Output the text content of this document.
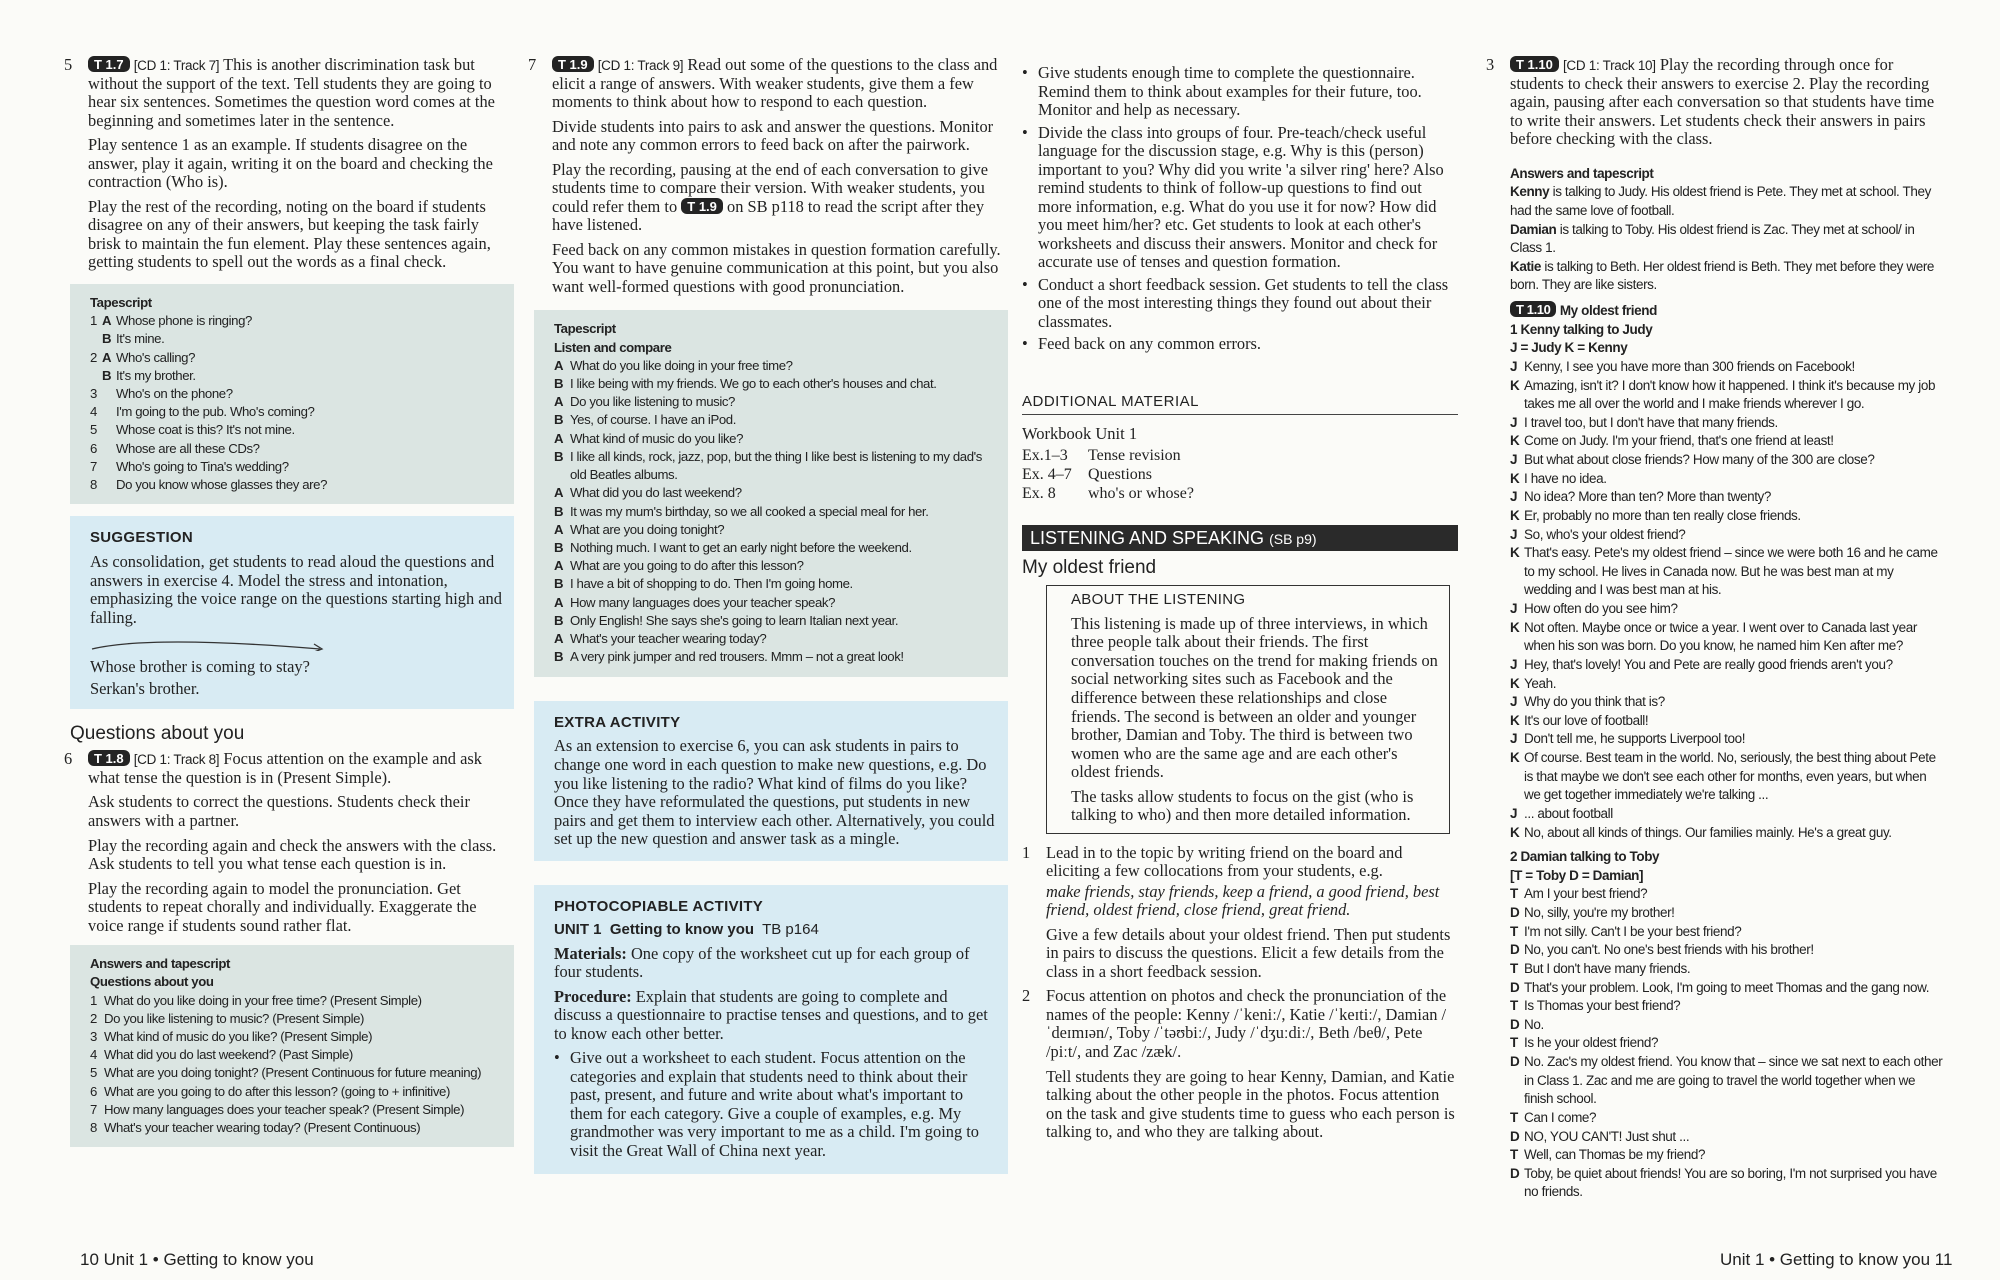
5	T 1.7 [CD 1: Track 7] This is another discrimination task but without the support of the text. Tell students they are going to hear six sentences. Sometimes the question word comes at the beginning and sometimes later in the sentence.

Play sentence 1 as an example. If students disagree on the answer, play it again, writing it on the board and checking the contraction (Who is).

Play the rest of the recording, noting on the board if students disagree on any of their answers, but keeping the task fairly brisk to maintain the fun element. Play these sentences again, getting students to spell out the words as a final check.

Tapescript
1 A Whose phone is ringing?
B It's mine.
2 A Who's calling?
B It's my brother.
3	Who's on the phone?
4	I'm going to the pub. Who's coming?
5	Whose coat is this? It's not mine.
6	Whose are all these CDs?
7	Who's going to Tina's wedding?
8	Do you know whose glasses they are?
SUGGESTION

As consolidation, get students to read aloud the questions and answers in exercise 4. Model the stress and intonation, emphasizing the voice range on the questions starting high and falling.

Whose brother is coming to stay?

Serkan's brother.

Questions about you
6	T 1.8 [CD 1: Track 8] Focus attention on the example and ask what tense the question is in (Present Simple).

Ask students to correct the questions. Students check their answers with a partner.

Play the recording again and check the answers with the class. Ask students to tell you what tense each question is in.

Play the recording again to model the pronunciation. Get students to repeat chorally and individually. Exaggerate the voice range if students sound rather flat.

Answers and tapescript
Questions about you
1 What do you like doing in your free time? (Present Simple)
2 Do you like listening to music? (Present Simple)
3 What kind of music do you like? (Present Simple)
4 What did you do last weekend? (Past Simple)
5 What are you doing tonight? (Present Continuous for future meaning)
6 What are you going to do after this lesson? (going to + infinitive)
7 How many languages does your teacher speak? (Present Simple)
8 What's your teacher wearing today? (Present Continuous)
7	T 1.9 [CD 1: Track 9] Read out some of the questions to the class and elicit a range of answers. With weaker students, give them a few moments to think about how to respond to each question.

Divide students into pairs to ask and answer the questions. Monitor and note any common errors to feed back on after the pairwork.

Play the recording, pausing at the end of each conversation to give students time to compare their version. With weaker students, you could refer them to T 1.9 on SB p118 to read the script after they have listened.

Feed back on any common mistakes in question formation carefully. You want to have genuine communication at this point, but you also want well-formed questions with good pronunciation.

Tapescript
Listen and compare
A What do you like doing in your free time?
B I like being with my friends. We go to each other's houses and chat.
A Do you like listening to music?
B Yes, of course. I have an iPod.
A What kind of music do you like?
B I like all kinds, rock, jazz, pop, but the thing I like best is listening to my dad's old Beatles albums.
A What did you do last weekend?
B It was my mum's birthday, so we all cooked a special meal for her.
A What are you doing tonight?
B Nothing much. I want to get an early night before the weekend.
A What are you going to do after this lesson?
B I have a bit of shopping to do. Then I'm going home.
A How many languages does your teacher speak?
B Only English! She says she's going to learn Italian next year.
A What's your teacher wearing today?
B A very pink jumper and red trousers. Mmm – not a great look!
EXTRA ACTIVITY

As an extension to exercise 6, you can ask students in pairs to change one word in each question to make new questions, e.g. Do you like listening to the radio? What kind of films do you like? Once they have reformulated the questions, put students in new pairs and get them to interview each other. Alternatively, you could set up the new question and answer task as a mingle.

PHOTOCOPIABLE ACTIVITY

UNIT 1 Getting to know you TB p164

Materials: One copy of the worksheet cut up for each group of four students.

Procedure: Explain that students are going to complete and discuss a questionnaire to practise tenses and questions, and to get to know each other better.

• Give out a worksheet to each student. Focus attention on the categories and explain that students need to think about their past, present, and future and write about what's important to them for each category. Give a couple of examples, e.g. My grandmother was very important to me as a child. I'm going to visit the Great Wall of China next year.
• Give students enough time to complete the questionnaire. Remind them to think about examples for their future, too. Monitor and help as necessary.
• Divide the class into groups of four. Pre-teach/check useful language for the discussion stage, e.g. Why is this (person) important to you? Why did you write 'a silver ring' here? Also remind students to think of follow-up questions to find out more information, e.g. What do you use it for now? How did you meet him/her? etc. Get students to look at each other's worksheets and discuss their answers. Monitor and check for accurate use of tenses and question formation.
• Conduct a short feedback session. Get students to tell the class one of the most interesting things they found out about their classmates.
• Feed back on any common errors.
ADDITIONAL MATERIAL

Workbook Unit 1

Ex.1–3	Tense revision
Ex. 4–7	Questions
Ex. 8	who's or whose?
LISTENING AND SPEAKING (SB p9)
My oldest friend
ABOUT THE LISTENING

This listening is made up of three interviews, in which three people talk about their friends. The first conversation touches on the trend for making friends on social networking sites such as Facebook and the difference between these relationships and close friends. The second is between an older and younger brother, Damian and Toby. The third is between two women who are the same age and are each other's oldest friends.

The tasks allow students to focus on the gist (who is talking to who) and then more detailed information.

1 Lead in to the topic by writing friend on the board and eliciting a few collocations from your students, e.g.

make friends, stay friends, keep a friend, a good friend, best friend, oldest friend, close friend, great friend.

Give a few details about your oldest friend. Then put students in pairs to discuss the questions. Elicit a few details from the class in a short feedback session.

2 Focus attention on photos and check the pronunciation of the names of the people: Kenny /ˈkeniː/, Katie /ˈkeɪtiː/, Damian /ˈdeɪmɪən/, Toby /ˈtəʊbiː/, Judy /ˈdʒuːdiː/, Beth /beθ/, Pete /piːt/, and Zac /zæk/.

Tell students they are going to hear Kenny, Damian, and Katie talking about the other people in the photos. Focus attention on the task and give students time to guess who each person is talking to, and who they are talking about.

3	T 1.10 [CD 1: Track 10] Play the recording through once for students to check their answers to exercise 2. Play the recording again, pausing after each conversation so that students have time to write their answers. Let students check their answers in pairs before checking with the class.

Answers and tapescript
Kenny is talking to Judy. His oldest friend is Pete. They met at school. They had the same love of football.
Damian is talking to Toby. His oldest friend is Zac. They met at school/ in Class 1.
Katie is talking to Beth. Her oldest friend is Beth. They met before they were born. They are like sisters.
T 1.10 My oldest friend
1 Kenny talking to Judy
J = Judy K = Kenny
J Kenny, I see you have more than 300 friends on Facebook!
K Amazing, isn't it? I don't know how it happened. I think it's because my job takes me all over the world and I make friends wherever I go.
J I travel too, but I don't have that many friends.
K Come on Judy. I'm your friend, that's one friend at least!
J But what about close friends? How many of the 300 are close?
K I have no idea.
J No idea? More than ten? More than twenty?
K Er, probably no more than ten really close friends.
J So, who's your oldest friend?
K That's easy. Pete's my oldest friend – since we were both 16 and he came to my school. He lives in Canada now. But he was best man at my wedding and I was best man at his.
J How often do you see him?
K Not often. Maybe once or twice a year. I went over to Canada last year when his son was born. Do you know, he named him Ken after me?
J Hey, that's lovely! You and Pete are really good friends aren't you?
K Yeah.
J Why do you think that is?
K It's our love of football!
J Don't tell me, he supports Liverpool too!
K Of course. Best team in the world. No, seriously, the best thing about Pete is that maybe we don't see each other for months, even years, but when we get together immediately we're talking ...
J ... about football
K No, about all kinds of things. Our families mainly. He's a great guy.
2 Damian talking to Toby
[T = Toby D = Damian]
T Am I your best friend?
D No, silly, you're my brother!
T I'm not silly. Can't I be your best friend?
D No, you can't. No one's best friends with his brother!
T But I don't have many friends.
D That's your problem. Look, I'm going to meet Thomas and the gang now.
T Is Thomas your best friend?
D No.
T Is he your oldest friend?
D No. Zac's my oldest friend. You know that – since we sat next to each other in Class 1. Zac and me are going to travel the world together when we finish school.
T Can I come?
D NO, YOU CAN'T! Just shut ...
T Well, can Thomas be my friend?
D Toby, be quiet about friends! You are so boring, I'm not surprised you have no friends.
10 Unit 1 • Getting to know you	Unit 1 • Getting to know you 11
